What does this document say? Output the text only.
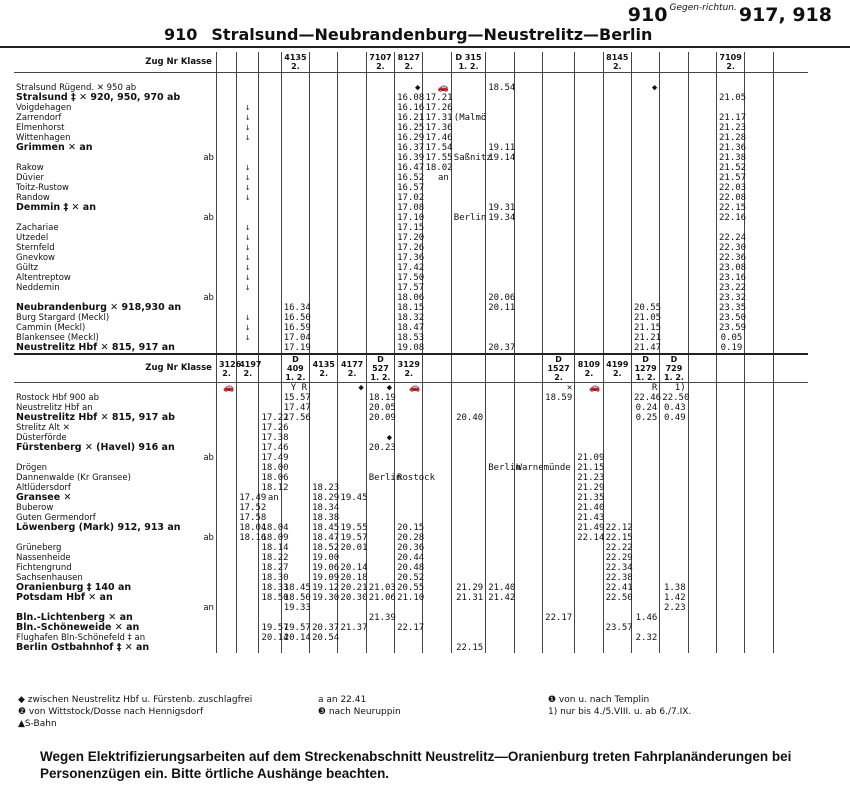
910 Gegen-richtun. 917, 918
910 Stralsund—Neubrandenburg—Neustrelitz—Berlin
Zug Nr Klasse				4135 2.			7107 2.	8127 2.		D 315 1. 2.					8145 2.				7109 2.		

Stralsund Rügend. ✕ 950 ab								◆	🚗		18.54					◆					
Stralsund ‡ ✕ 920, 950, 970 ab								16.08	17.21										21.05		
Voigdehagen		↓						16.16	17.26												
Zarrendorf		↓						16.21	17.31	(Malmö									21.17		
Elmenhorst		↓						16.25	17.36										21.23		
Wittenhagen		↓						16.29	17.46										21.28		
Grimmen ✕ an								16.37	17.54		19.11								21.36		
ab								16.39	17.55	Saßnitz	19.14								21.38		
Rakow		↓						16.47	18.02										21.52		
Düvier		↓						16.52	an										21.57		
Toitz-Rustow		↓						16.57											22.03		
Randow		↓						17.02											22.08		
Demmin ‡ ✕ an								17.08			19.31								22.15		
ab								17.10		Berlin	19.34								22.16		
Zachariae		↓						17.15													
Utzedel		↓						17.20											22.24		
Sternfeld		↓						17.26											22.30		
Gnevkow		↓						17.36											22.36		
Gültz		↓						17.42											23.08		
Altentreptow		↓						17.50											23.16		
Neddemin		↓						17.57											23.22		
ab								18.06			20.06								23.32		
Neubrandenburg ✕ 918,930 an				16.34				18.15			20.11					20.55			23.35		
Burg Stargard (Meckl)		↓		16.50				18.32								21.05			23.50		
Cammin (Meckl)		↓		16.59				18.47								21.15			23.59		
Blankensee (Meckl)		↓		17.04				18.53								21.21			0.05		
Neustrelitz Hbf ✕ 815, 917 an				17.19				19.08			20.37					21.47			0.19		
Zug Nr Klasse	3126 2.	4197 2.		D 409 1. 2.	4135 2.	4177 2.	D 527 1. 2.	3129 2.					D 1527 2.	8109 2.	4199 2.	D 1279 1. 2.	D 729 1. 2.				
	🚗			Y R		◆	◆	🚗					✕	🚗		R	1)				
Rostock Hbf 900 ab				15.57			18.19						18.59			22.46	22.50				
Neustrelitz Hbf an				17.47			20.05									0.24	0.43				
Neustrelitz Hbf ✕ 815, 917 ab			17.22	17.56			20.09			20.40						0.25	0.49				
Strelitz Alt ✕			17.26																		
Düsterförde			17.38				◆														
Fürstenberg ✕ (Havel) 916 an			17.46				20.23														
ab			17.49											21.09							
Drögen			18.00								Berlin	Warnemünde		21.15							
Dannenwalde (Kr Gransee)			18.06				Berlin	Rostock						21.23							
Altlüdersdorf			18.12		18.23									21.29							
Gransee ✕		17.49	an		18.29	19.45								21.35							
Buberow		17.52			18.34									21.40							
Guten Germendorf		17.58			18.38									21.43							
Löwenberg (Mark) 912, 913 an		18.04	18.04		18.45	19.55		20.15						21.49	22.12						
ab		18.16	18.09		18.47	19.57		20.28						22.14	22.15						
Grüneberg			18.14		18.52	20.01		20.36							22.22						
Nassenheide			18.22		19.00			20.44							22.29						
Fichtengrund			18.27		19.06	20.14		20.48							22.34						
Sachsenhausen			18.30		19.09	20.18		20.52							22.38						
Oranienburg ‡ 140 an			18.33	18.45	19.12	20.21	21.03	20.55		21.29	21.40				22.41		1.38				
Potsdam Hbf ✕ an			18.50	18.50	19.30	20.30	21.06	21.10		21.31	21.42				22.50		1.42				
an				19.33													2.23				
Bln.-Lichtenberg ✕ an							21.39						22.17			1.46					
Bln.-Schöneweide ✕ an			19.57	19.57	20.37	21.37		22.17							23.57						
Flughafen Bln-Schönefeld ‡ an			20.14	20.14	20.54											2.32					
Berlin Ostbahnhof ‡ ✕ an										22.15											
◆ zwischen Neustrelitz Hbf u. Fürstenb. zuschlagfrei	a an 22.41
❷ von Wittstock/Dosse nach Hennigsdorf	❸ nach Neuruppin
▲S-Bahn
❶ von u. nach Templin
1) nur bis 4./5.VIII. u. ab 6./7.IX.
Wegen Elektrifizierungsarbeiten auf dem Streckenabschnitt Neustrelitz—Oranienburg treten Fahrplanänderungen bei Personenzügen ein. Bitte örtliche Aushänge beachten.
